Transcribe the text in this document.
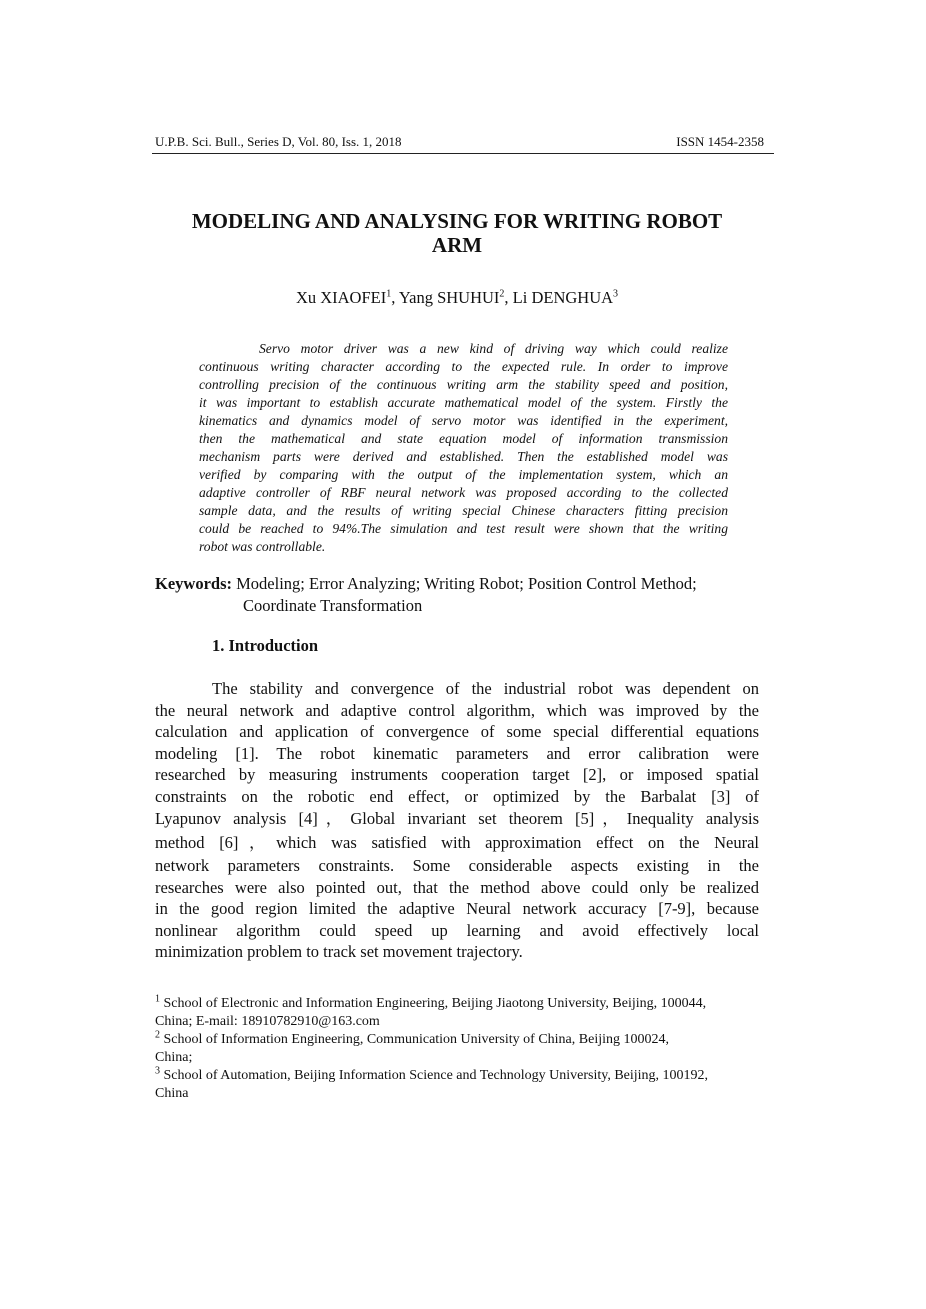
U.P.B. Sci. Bull., Series D, Vol. 80, Iss. 1, 2018	ISSN 1454-2358
MODELING AND ANALYSING FOR WRITING ROBOT
ARM
Xu XIAOFEI$^1$, Yang SHUHUI$^2$, Li DENGHUA$^3$
Servo motor driver was a new kind of driving way which could realize
continuous writing character according to the expected rule. In order to improve
controlling precision of the continuous writing arm the stability speed and position,
it was important to establish accurate mathematical model of the system. Firstly the
kinematics and dynamics model of servo motor was identified in the experiment,
then the mathematical and state equation model of information transmission
mechanism parts were derived and established. Then the established model was
verified by comparing with the output of the implementation system, which an
adaptive controller of RBF neural network was proposed according to the collected
sample data, and the results of writing special Chinese characters fitting precision
could be reached to 94%.The simulation and test result were shown that the writing
robot was controllable.
Keywords: Modeling; Error Analyzing; Writing Robot; Position Control Method;
Coordinate Transformation
1. Introduction
The stability and convergence of the industrial robot was dependent on
the neural network and adaptive control algorithm, which was improved by the
calculation and application of convergence of some special differential equations
modeling [1]. The robot kinematic parameters and error calibration were
researched by measuring instruments cooperation target [2], or imposed spatial
constraints on the robotic end effect, or optimized by the Barbalat [3] of
Lyapunov analysis [4]，Global invariant set theorem [5]，Inequality analysis
method [6]，which was satisfied with approximation effect on the Neural
network parameters constraints. Some considerable aspects existing in the
researches were also pointed out, that the method above could only be realized
in the good region limited the adaptive Neural network accuracy [7-9], because
nonlinear algorithm could speed up learning and avoid effectively local
minimization problem to track set movement trajectory.
$^1$ School of Electronic and Information Engineering, Beijing Jiaotong University, Beijing, 100044,
China; E-mail: 18910782910@163.com
$^2$ School of Information Engineering, Communication University of China, Beijing 100024,
China;
$^3$ School of Automation, Beijing Information Science and Technology University, Beijing, 100192,
China
